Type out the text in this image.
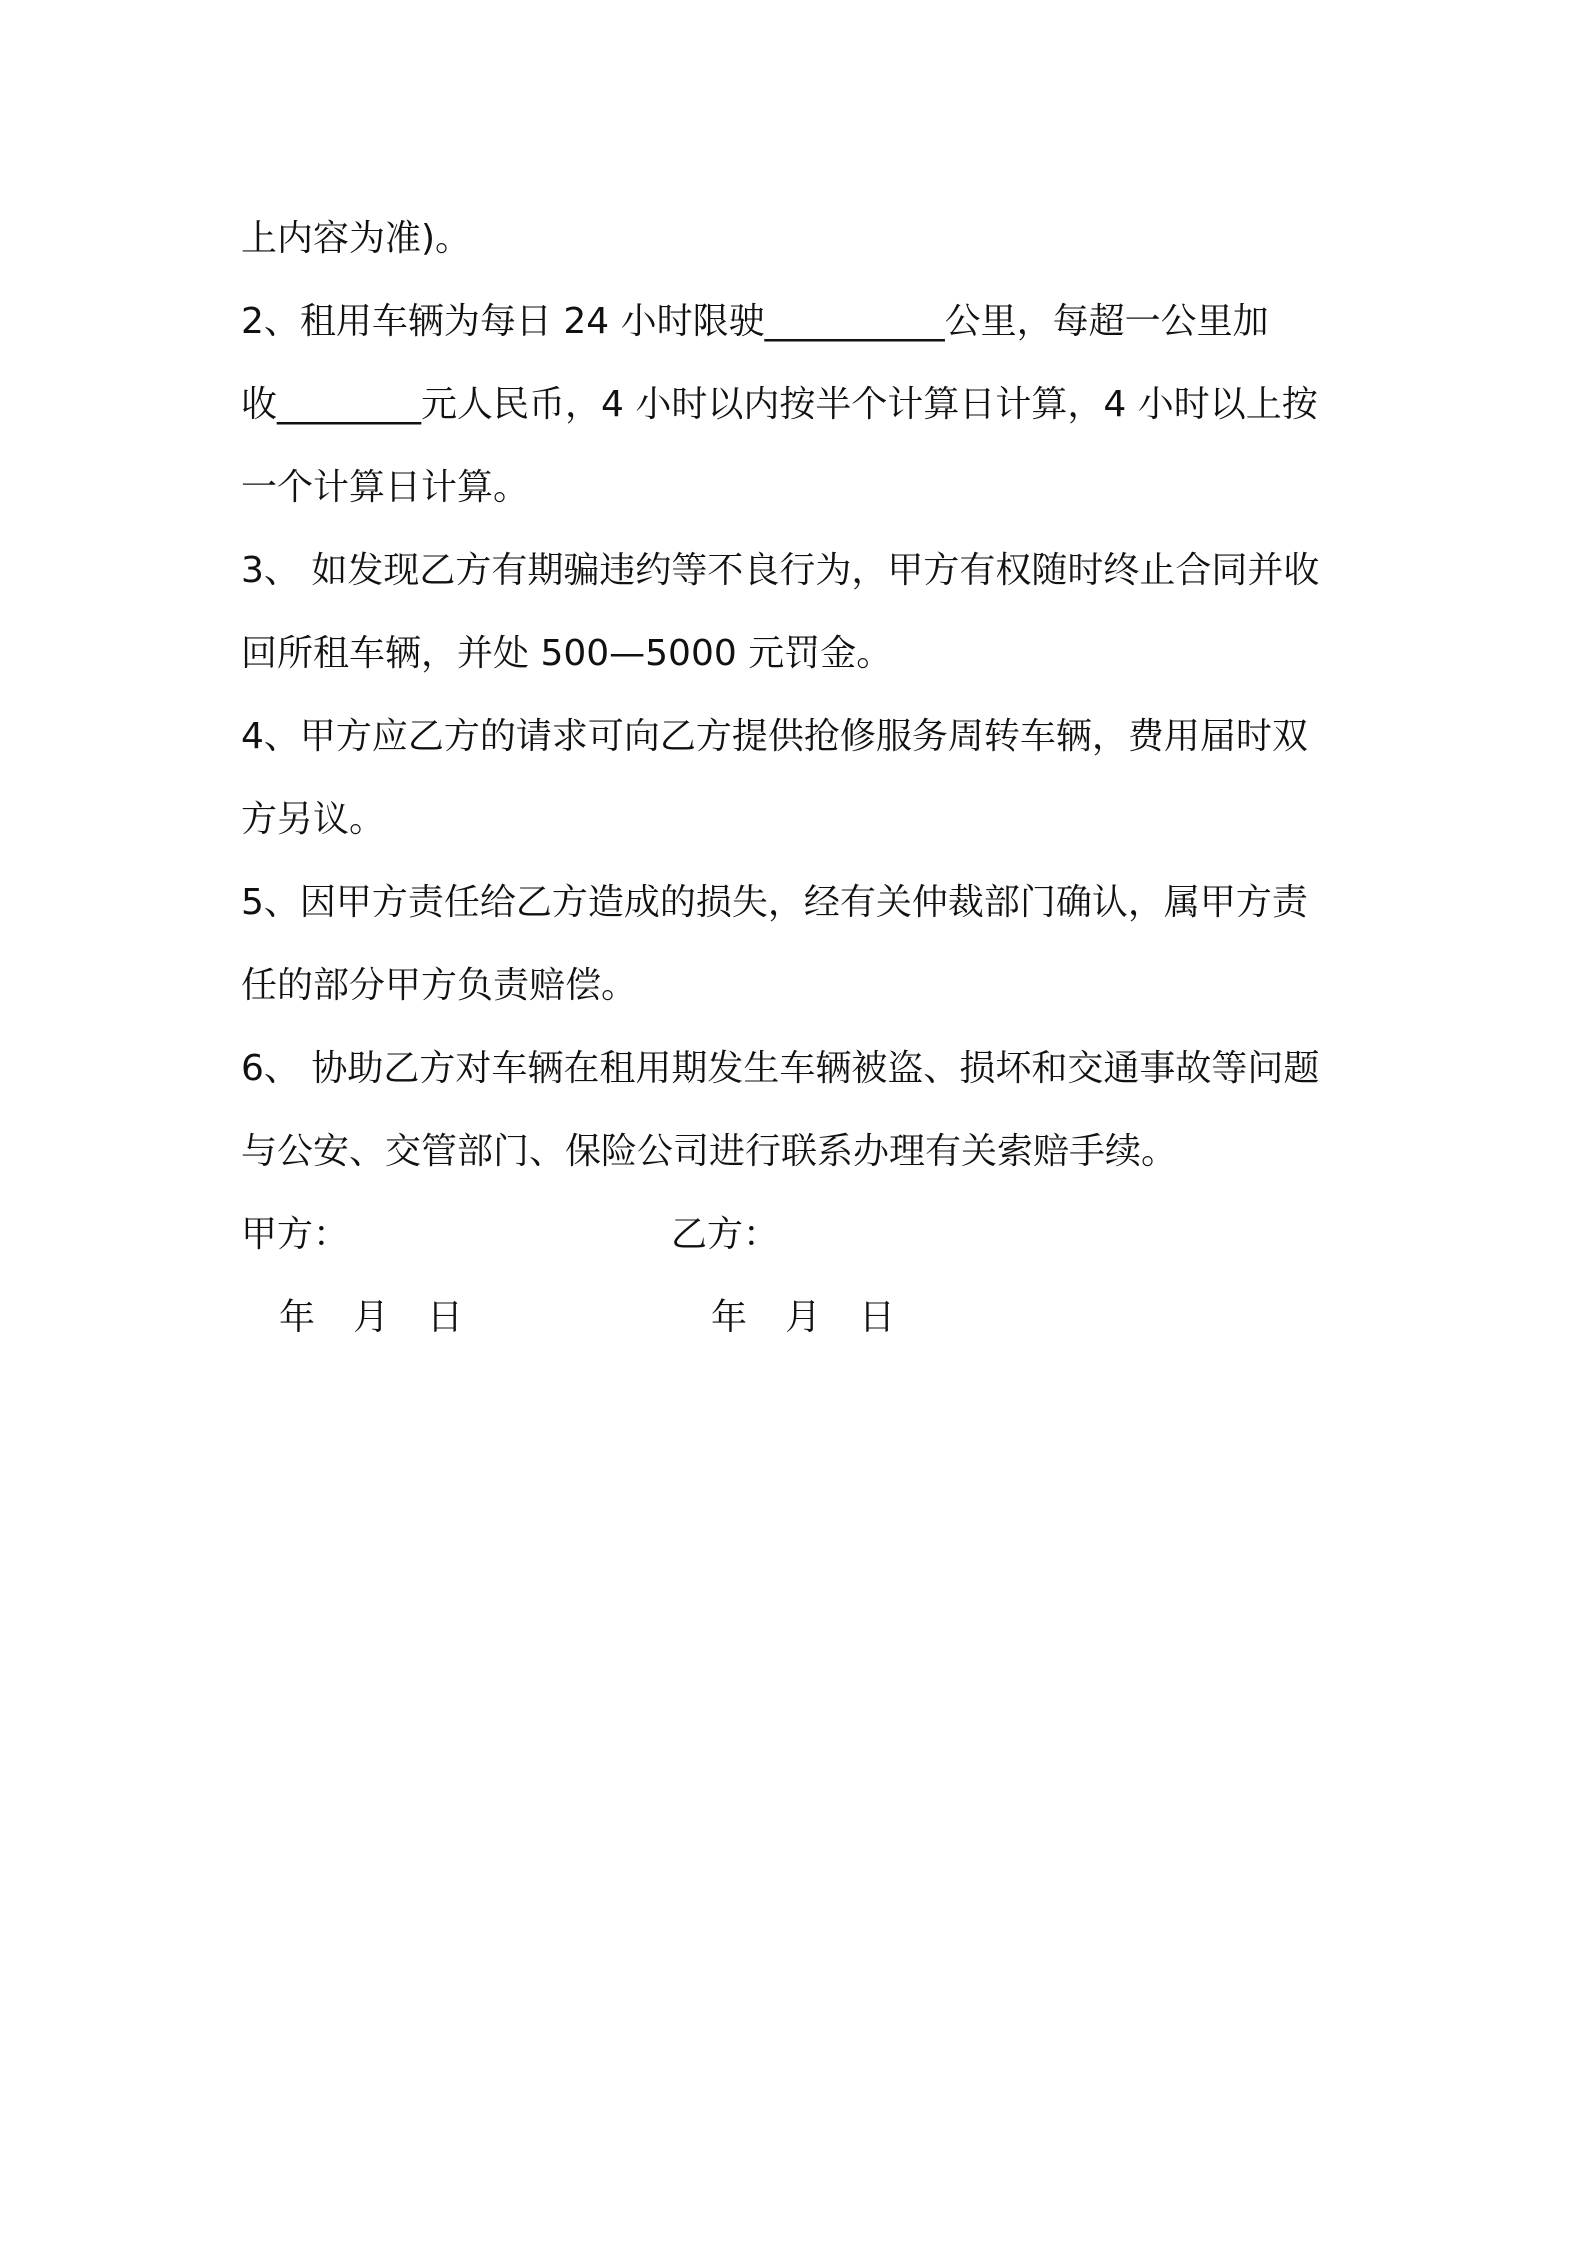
上内容为准)。
2、租用车辆为每日 24 小时限驶__________公里，每超一公里加
收________元人民币，4 小时以内按半个计算日计算，4 小时以上按
一个计算日计算。
3、 如发现乙方有期骗违约等不良行为，甲方有权随时终止合同并收
回所租车辆，并处 500—5000 元罚金。
4、甲方应乙方的请求可向乙方提供抢修服务周转车辆，费用届时双
方另议。
5、因甲方责任给乙方造成的损失，经有关仲裁部门确认，属甲方责
任的部分甲方负责赔偿。
6、 协助乙方对车辆在租用期发生车辆被盗、损坏和交通事故等问题
与公安、交管部门、保险公司进行联系办理有关索赔手续。
甲方：	乙方：
年 月 日	年 月 日
